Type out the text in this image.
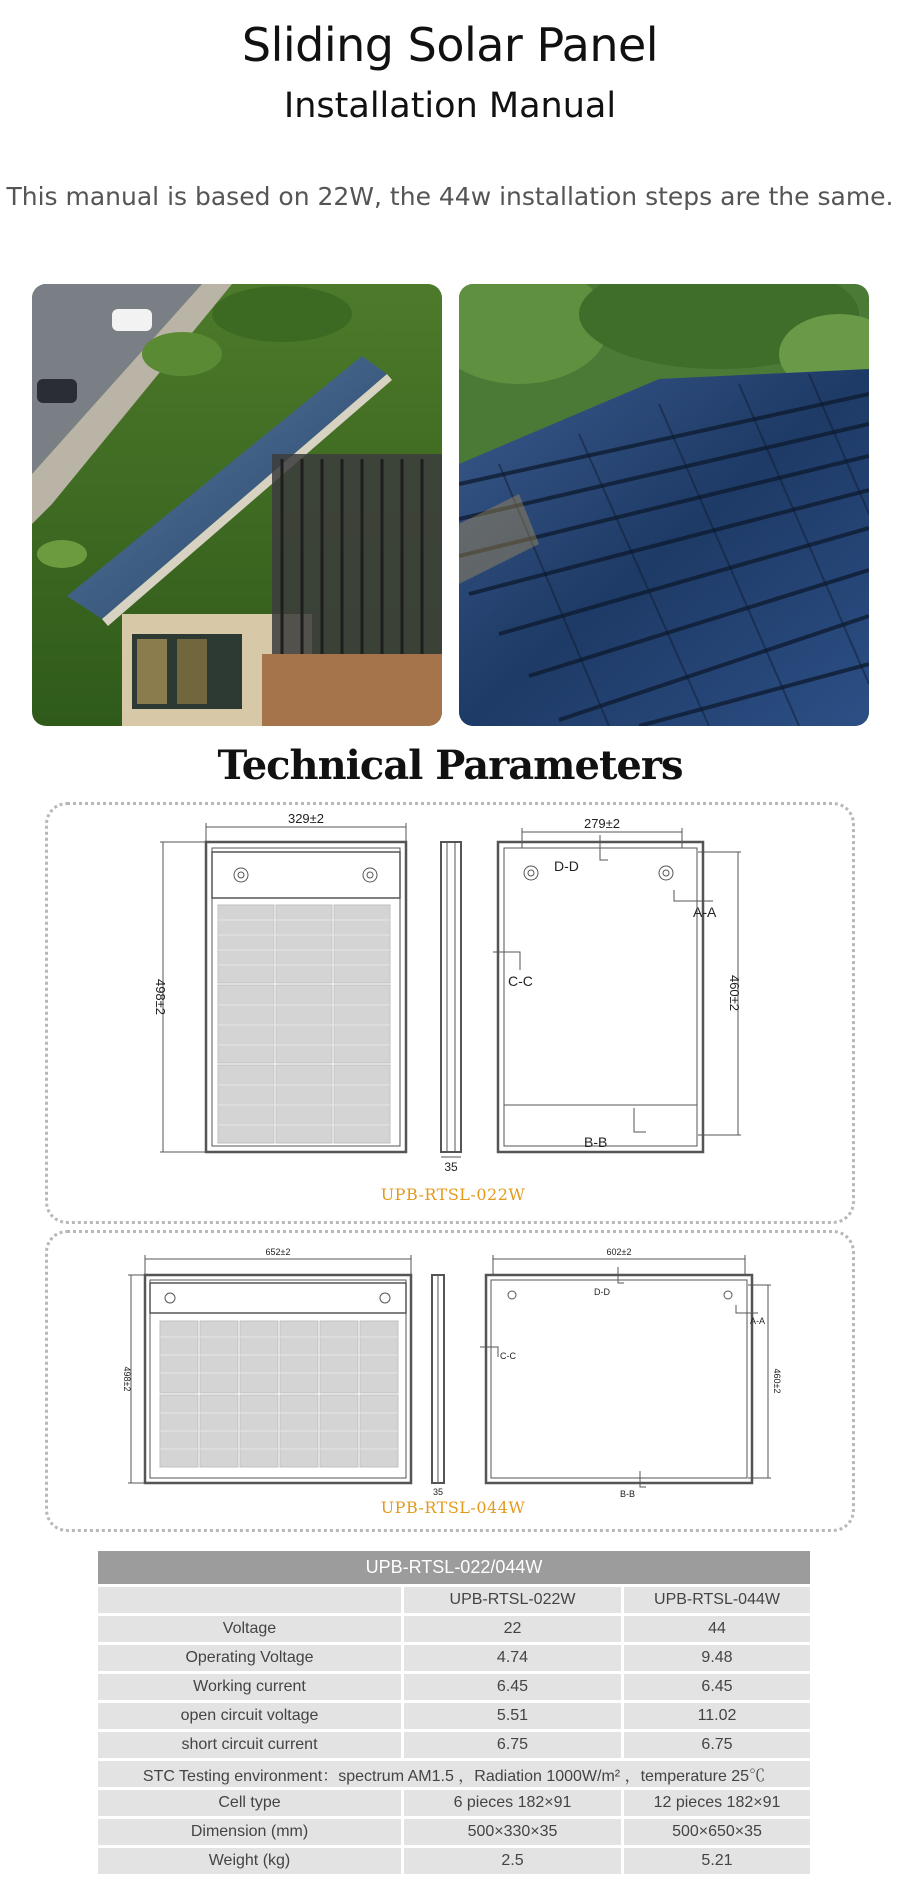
Sliding Solar Panel
Installation Manual
This manual is based on 22W, the 44w installation steps are the same.
Technical Parameters
329±2
498±2
35
279±2
460±2
D-D
A-A
C-C
B-B
UPB-RTSL-022W
652±2
498±2
35
602±2
460±2
D-D
A-A
C-C
B-B
UPB-RTSL-044W
UPB-RTSL-022/044W		
	UPB-RTSL-022W	UPB-RTSL-044W
Voltage	22	44
Operating Voltage	4.74	9.48
Working current	6.45	6.45
open circuit voltage	5.51	11.02
short circuit current	6.75	6.75
STC Testing environment：spectrum AM1.5 ，Radiation 1000W/m² ，temperature 25℃		
Cell type	6 pieces 182×91	12 pieces 182×91
Dimension (mm)	500×330×35	500×650×35
Weight (kg)	2.5	5.21
